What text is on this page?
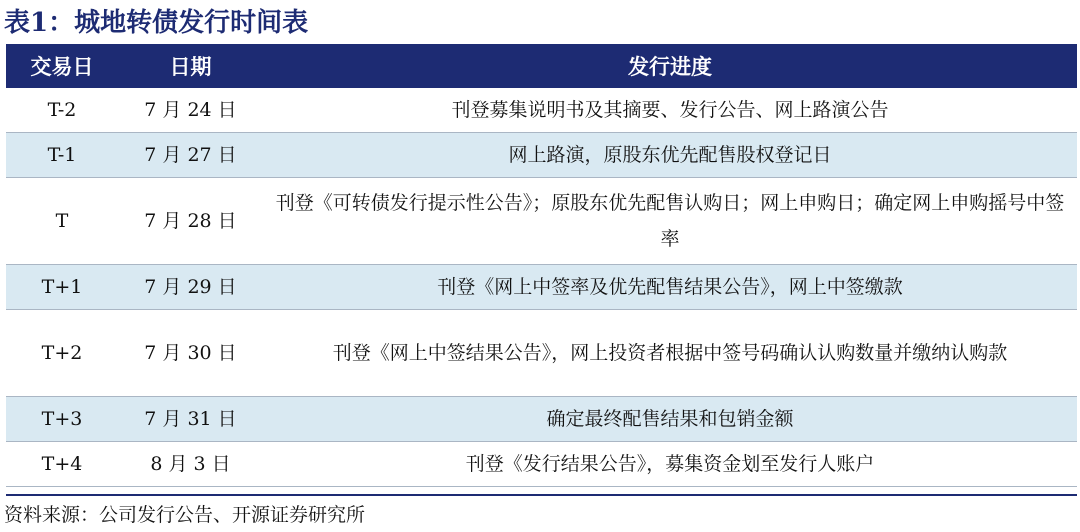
表1：城地转债发行时间表
交易日	日期	发行进度
T-2	7 月 24 日	刊登募集说明书及其摘要、发行公告、网上路演公告
T-1	7 月 27 日	网上路演，原股东优先配售股权登记日
T	7 月 28 日	刊登《可转债发行提示性公告》；原股东优先配售认购日；网上申购日；确定网上申购摇号中签率
T+1	7 月 29 日	刊登《网上中签率及优先配售结果公告》，网上中签缴款
T+2	7 月 30 日	刊登《网上中签结果公告》，网上投资者根据中签号码确认认购数量并缴纳认购款
T+3	7 月 31 日	确定最终配售结果和包销金额
T+4	8 月 3 日	刊登《发行结果公告》，募集资金划至发行人账户
资料来源：公司发行公告、开源证券研究所
